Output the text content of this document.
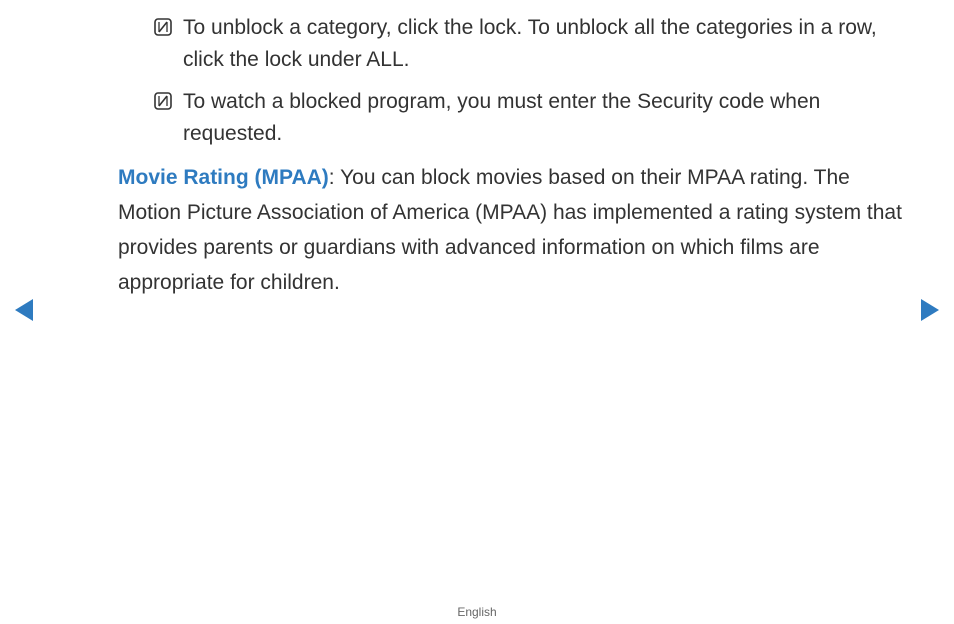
To unblock a category, click the lock. To unblock all the categories in a row, click the lock under ALL.
To watch a blocked program, you must enter the Security code when requested.
Movie Rating (MPAA): You can block movies based on their MPAA rating. The Motion Picture Association of America (MPAA) has implemented a rating system that provides parents or guardians with advanced information on which films are appropriate for children.
English
